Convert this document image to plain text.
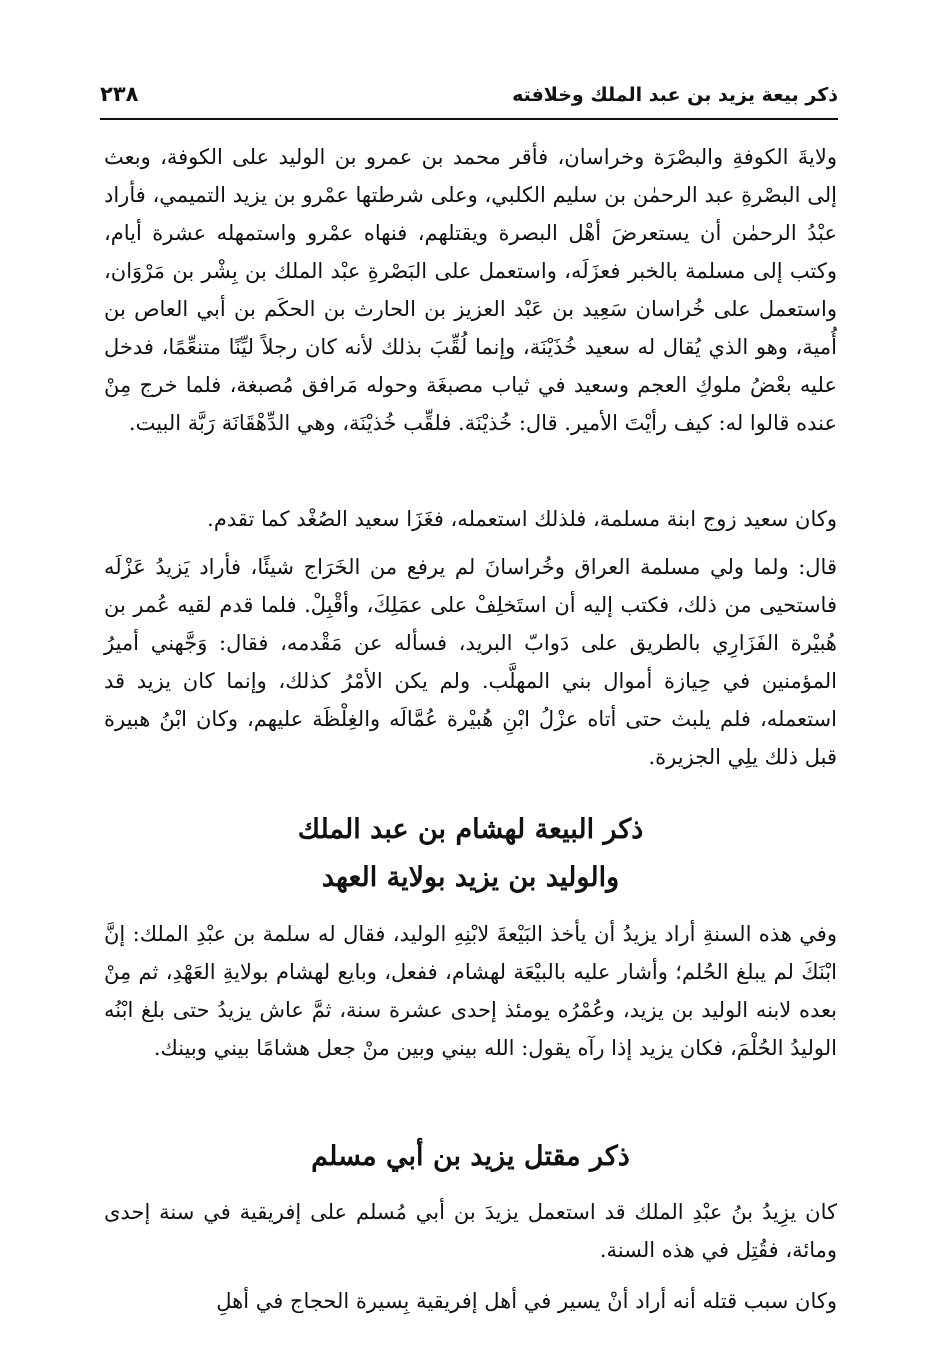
ذكر بيعة يزيد بن عبد الملك وخلافته
٢٣٨

ولايةَ الكوفةِ والبصْرَة وخراسان، فأقر محمد بن عمرو بن الوليد على الكوفة، وبعث إلى البصْرةِ عبد الرحمٰن بن سليم الكلبي، وعلى شرطتها عمْرو بن يزيد التميمي، فأراد عبْدُ الرحمٰن أن يستعرضَ أهْل البصرة ويقتلهم، فنهاه عمْرو واستمهله عشرة أيام، وكتب إلى مسلمة بالخبر فعزَلَه، واستعمل على البَصْرةِ عبْد الملك بن بِشْر بن مَرْوَان، واستعمل على خُراسان سَعِيد بن عَبْد العزيز بن الحارث بن الحكَم بن أبي العاص بن أُمية، وهو الذي يُقال له سعيد خُذَيْنَة، وإنما لُقِّبَ بذلك لأنه كان رجلاً ليِّنًا متنعِّمًا، فدخل عليه بعْضُ ملوكِ العجم وسعيد في ثياب مصبغَة وحوله مَرافق مُصبغة، فلما خرج مِنْ عنده قالوا له: كيف رأيْتَ الأمير. قال: خُذيْنَة. فلقِّب خُذيْنَة، وهي الدِّهْقَانَة رَبَّة البيت.

وكان سعيد زوج ابنة مسلمة، فلذلك استعمله، فغَزَا سعيد الصُغْد كما تقدم.

قال: ولما ولي مسلمة العراق وخُراسانَ لم يرفع من الخَرَاج شيئًا، فأراد يَزيدُ عَزْلَه فاستحيى من ذلك، فكتب إليه أن استَخلِفْ على عمَلِكَ، وأقْبِلْ. فلما قدم لقيه عُمر بن هُبيْرة الفَزَارِي بالطريق على دَوابّ البريد، فسأله عن مَقْدمه، فقال: وَجَّهني أميرُ المؤمنين في حِيازة أموال بني المهلَّب. ولم يكن الأمْرُ كذلك، وإنما كان يزيد قد استعمله، فلم يلبث حتى أتاه عزْلُ ابْنِ هُبيْرة عُمَّالَه والغِلْظَة عليهم، وكان ابْنُ هبيرة قبل ذلك يلِي الجزيرة.

ذكر البيعة لهشام بن عبد الملك
والوليد بن يزيد بولاية العهد

وفي هذه السنةِ أراد يزيدُ أن يأخذ البَيْعةَ لابْنِهِ الوليد، فقال له سلمة بن عبْدِ الملك: إنَّ ابْنَكَ لم يبلغ الحُلم؛ وأشار عليه بالبيْعَة لهشام، ففعل، وبايع لهشام بولايةِ العَهْدِ، ثم مِنْ بعده لابنه الوليد بن يزيد، وعُمْرُه يومئذ إحدى عشرة سنة، ثمَّ عاش يزيدُ حتى بلغ ابْنُه الوليدُ الحُلْمَ، فكان يزيد إذا رآه يقول: الله بيني وبين منْ جعل هشامًا بيني وبينك.

ذكر مقتل يزيد بن أبي مسلم

كان يزِيدُ بنُ عبْدِ الملك قد استعمل يزيدَ بن أبي مُسلم على إفريقية في سنة إحدى ومائة، فقُتِل في هذه السنة.

وكان سبب قتله أنه أراد أنْ يسير في أهل إفريقية بِسيرة الحجاج في أهلِ
